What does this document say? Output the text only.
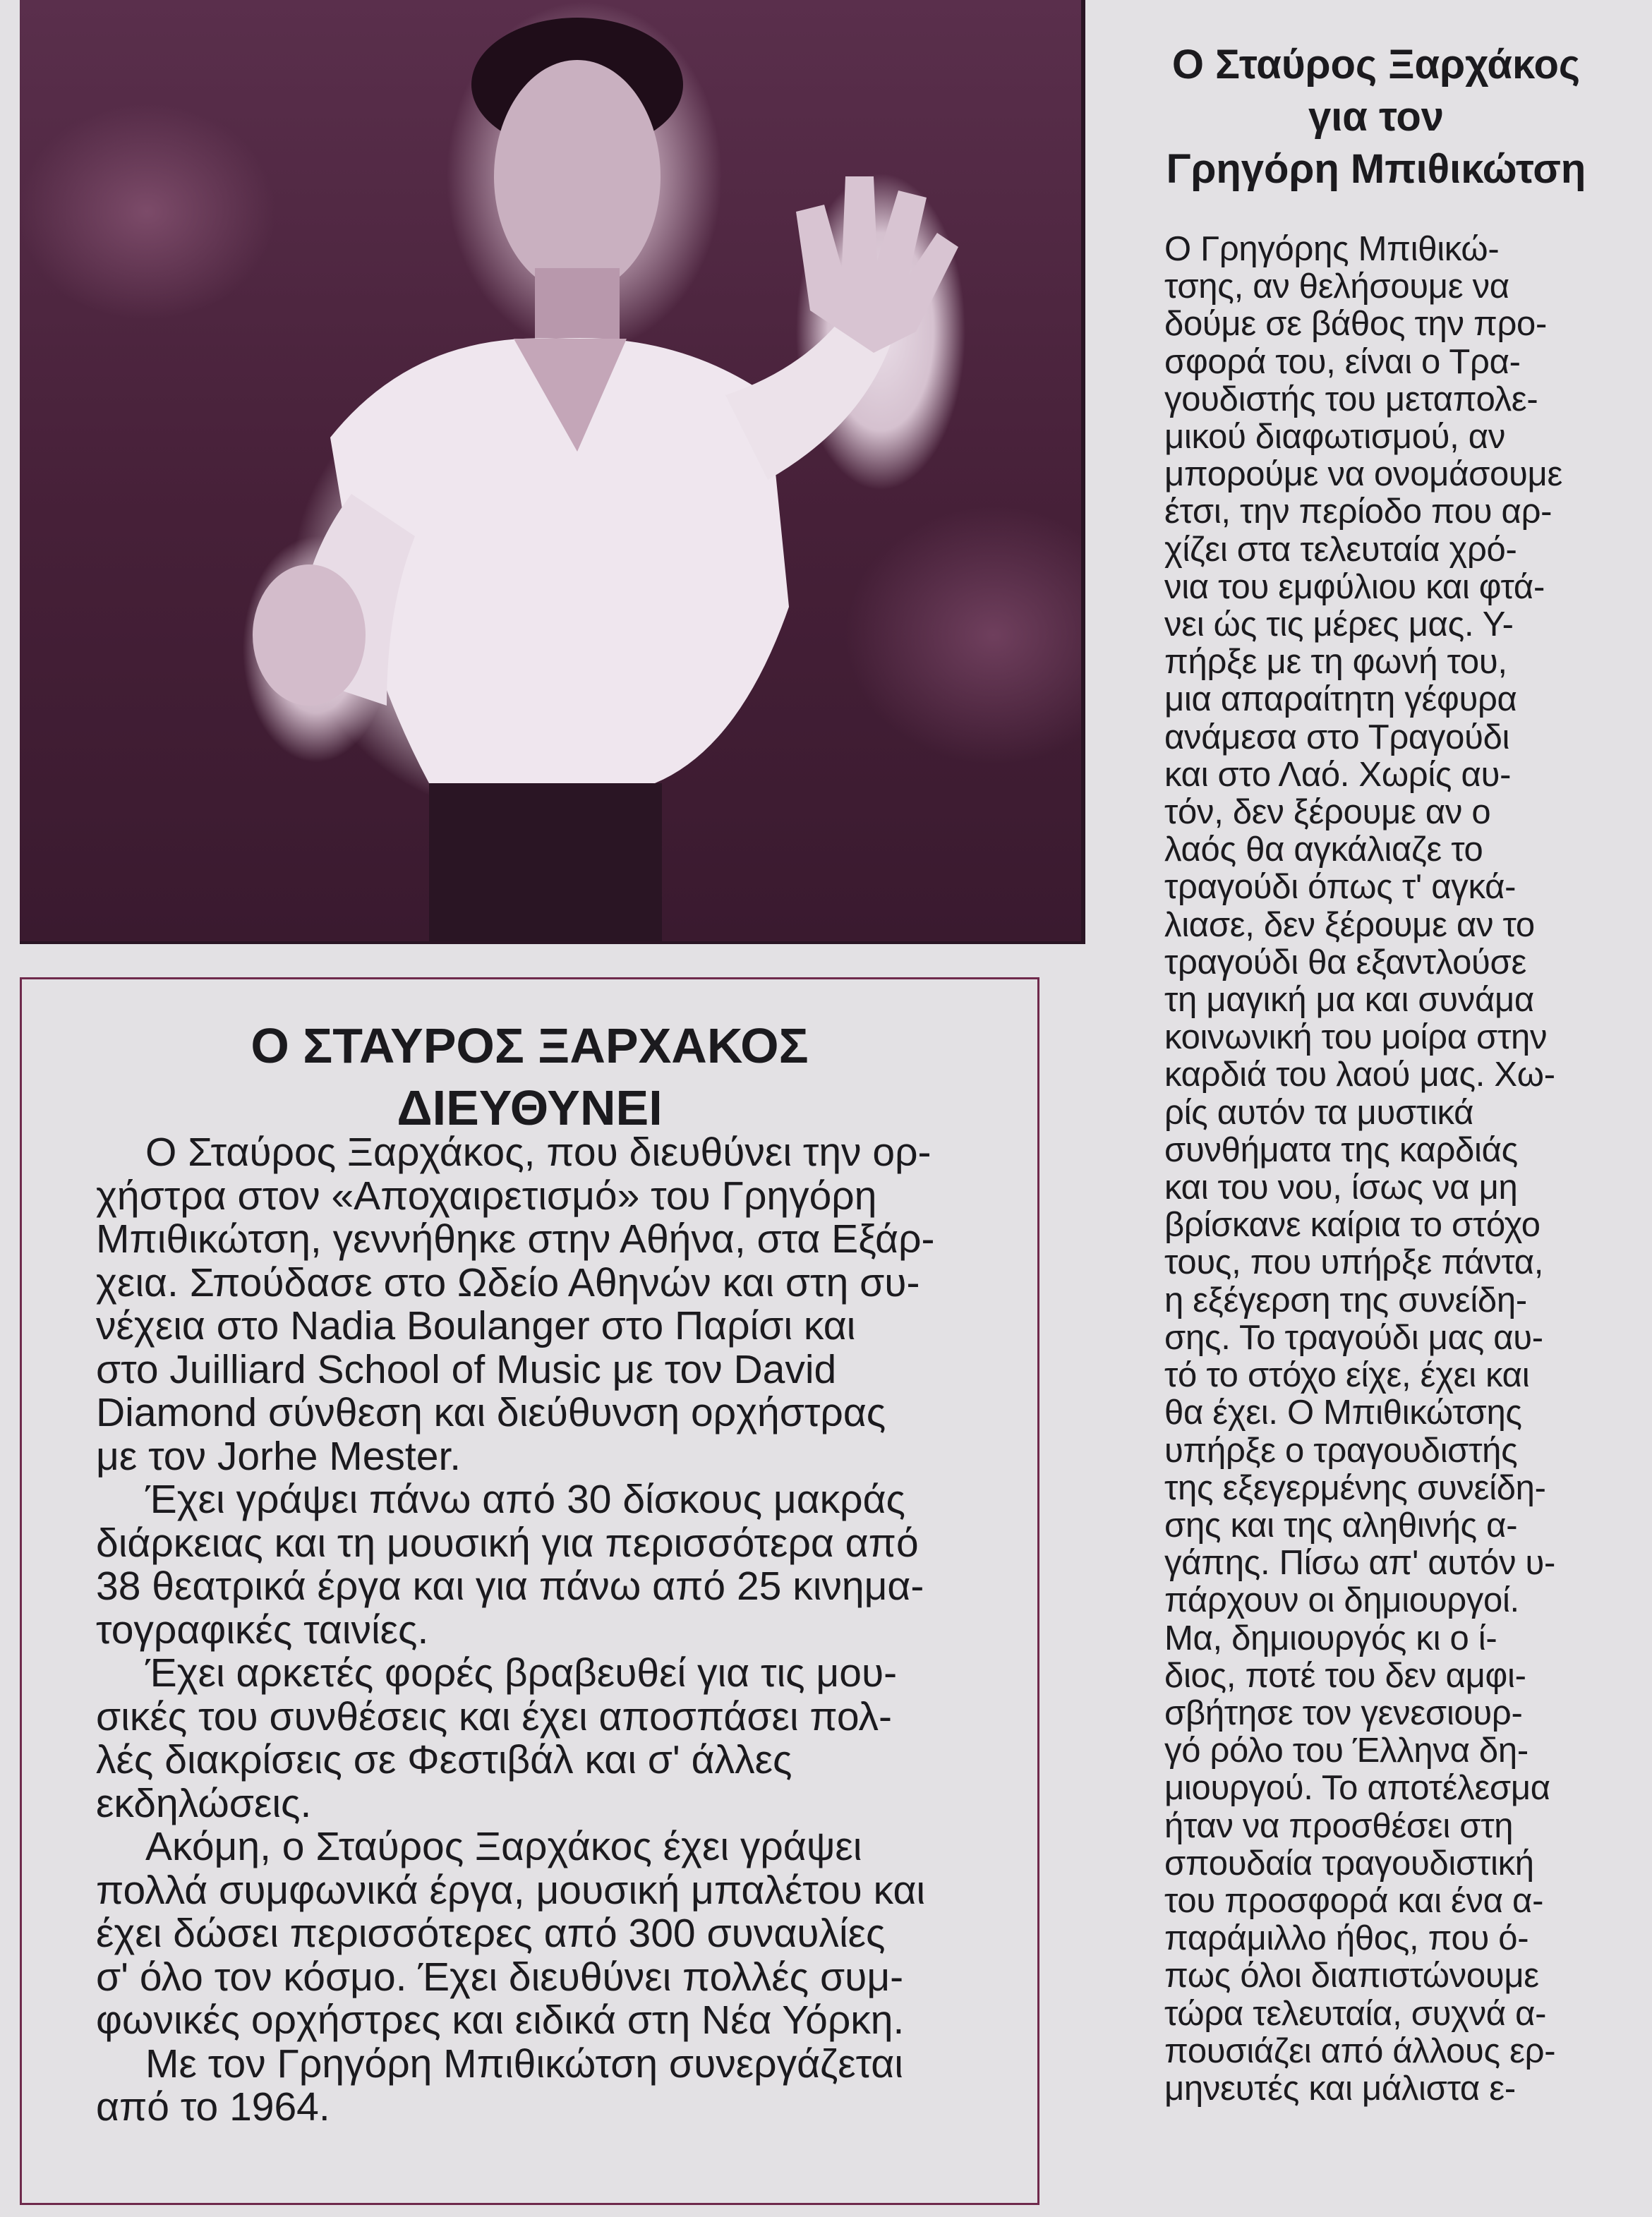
Ο Σταύρος Ξαρχάκος
για τον
Γρηγόρη Μπιθικώτση
Ο Γρηγόρης Μπιθικώ-
τσης, αν θελήσουμε να
δούμε σε βάθος την προ-
σφορά του, είναι ο Τρα-
γουδιστής του μεταπολε-
μικού διαφωτισμού, αν
μπορούμε να ονομάσουμε
έτσι, την περίοδο που αρ-
χίζει στα τελευταία χρό-
νια του εμφύλιου και φτά-
νει ώς τις μέρες μας. Υ-
πήρξε με τη φωνή του,
μια απαραίτητη γέφυρα
ανάμεσα στο Τραγούδι
και στο Λαό. Χωρίς αυ-
τόν, δεν ξέρουμε αν ο
λαός θα αγκάλιαζε το
τραγούδι όπως τ' αγκά-
λιασε, δεν ξέρουμε αν το
τραγούδι θα εξαντλούσε
τη μαγική μα και συνάμα
κοινωνική του μοίρα στην
καρδιά του λαού μας. Χω-
ρίς αυτόν τα μυστικά
συνθήματα της καρδιάς
και του νου, ίσως να μη
βρίσκανε καίρια το στόχο
τους, που υπήρξε πάντα,
η εξέγερση της συνείδη-
σης. Το τραγούδι μας αυ-
τό το στόχο είχε, έχει και
θα έχει. Ο Μπιθικώτσης
υπήρξε ο τραγουδιστής
της εξεγερμένης συνείδη-
σης και της αληθινής α-
γάπης. Πίσω απ' αυτόν υ-
πάρχουν οι δημιουργοί.
Μα, δημιουργός κι ο ί-
διος, ποτέ του δεν αμφι-
σβήτησε τον γενεσιουρ-
γό ρόλο του Έλληνα δη-
μιουργού. Το αποτέλεσμα
ήταν να προσθέσει στη
σπουδαία τραγουδιστική
του προσφορά και ένα α-
παράμιλλο ήθος, που ό-
πως όλοι διαπιστώνουμε
τώρα τελευταία, συχνά α-
πουσιάζει από άλλους ερ-
μηνευτές και μάλιστα ε-
Ο ΣΤΑΥΡΟΣ ΞΑΡΧΑΚΟΣ
ΔΙΕΥΘΥΝΕΙ
Ο Σταύρος Ξαρχάκος, που διευθύνει την ορ-
χήστρα στον «Αποχαιρετισμό» του Γρηγόρη
Μπιθικώτση, γεννήθηκε στην Αθήνα, στα Εξάρ-
χεια. Σπούδασε στο Ωδείο Αθηνών και στη συ-
νέχεια στο Nadia Boulanger στο Παρίσι και
στο Juilliard School of Music με τον David
Diamond σύνθεση και διεύθυνση ορχήστρας
με τον Jorhe Mester.
Έχει γράψει πάνω από 30 δίσκους μακράς
διάρκειας και τη μουσική για περισσότερα από
38 θεατρικά έργα και για πάνω από 25 κινημα-
τογραφικές ταινίες.
Έχει αρκετές φορές βραβευθεί για τις μου-
σικές του συνθέσεις και έχει αποσπάσει πολ-
λές διακρίσεις σε Φεστιβάλ και σ' άλλες
εκδηλώσεις.
Ακόμη, ο Σταύρος Ξαρχάκος έχει γράψει
πολλά συμφωνικά έργα, μουσική μπαλέτου και
έχει δώσει περισσότερες από 300 συναυλίες
σ' όλο τον κόσμο. Έχει διευθύνει πολλές συμ-
φωνικές ορχήστρες και ειδικά στη Νέα Υόρκη.
Με τον Γρηγόρη Μπιθικώτση συνεργάζεται
από το 1964.
